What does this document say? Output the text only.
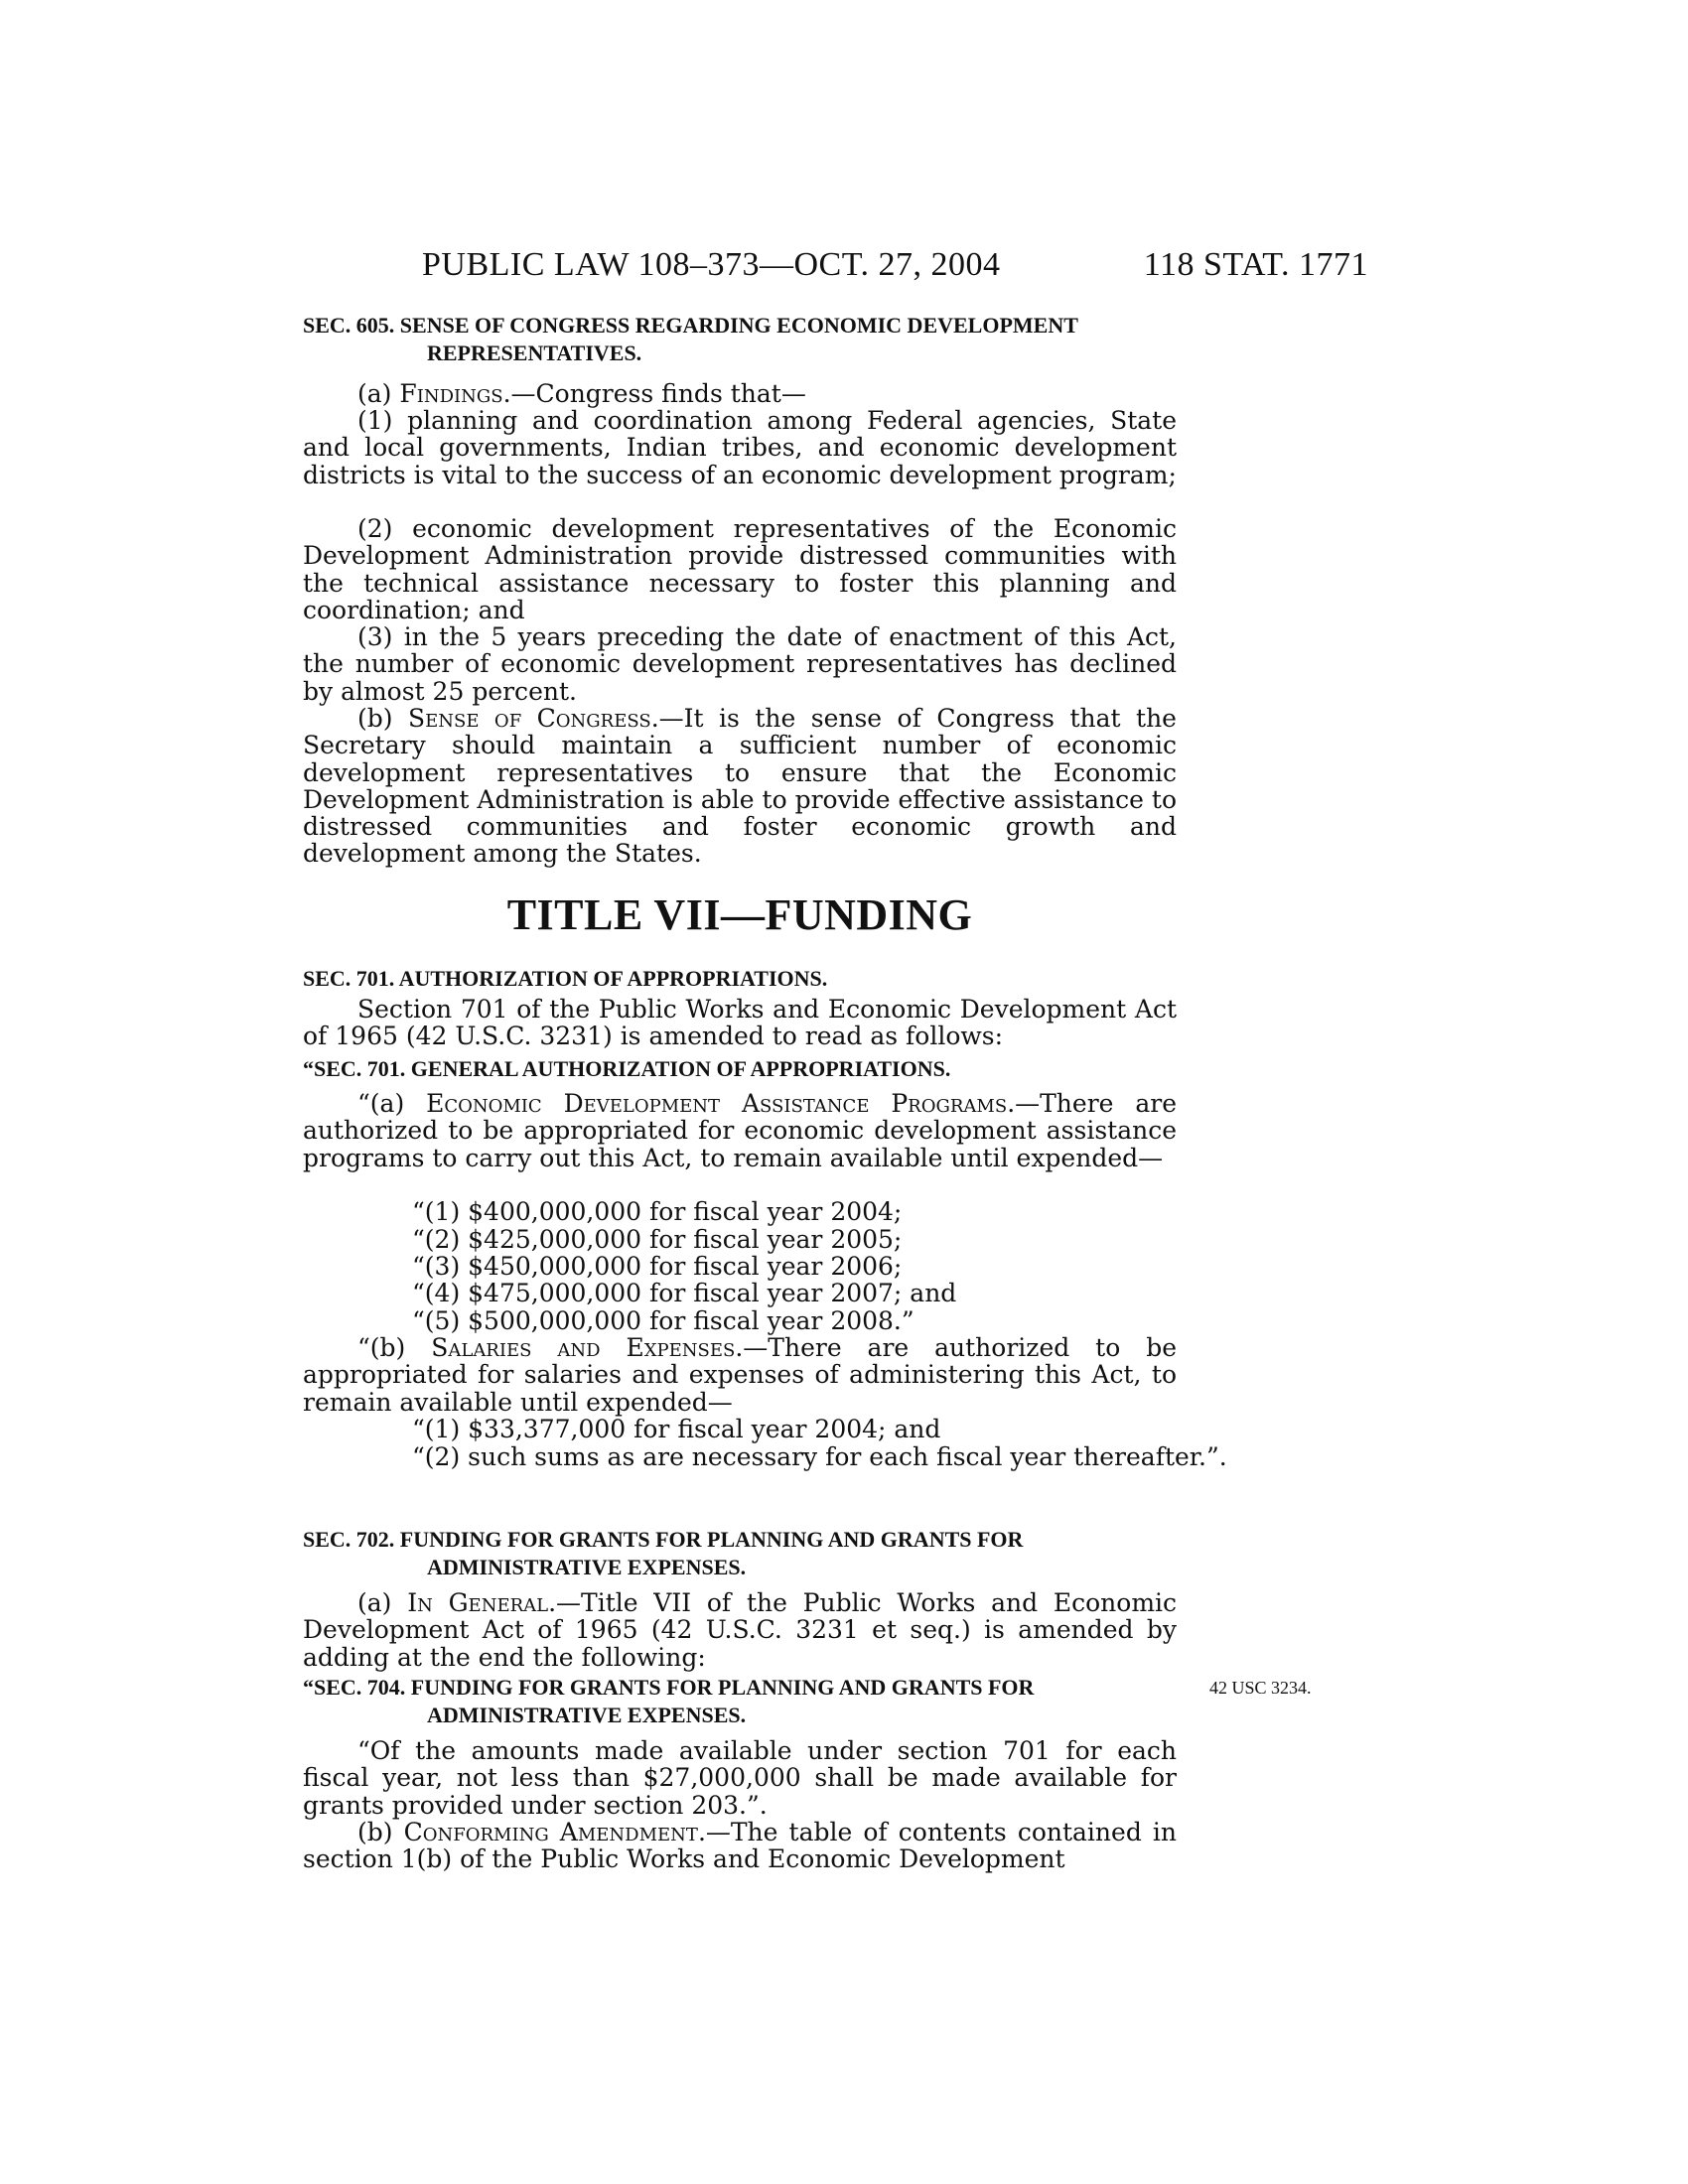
PUBLIC LAW 108–373—OCT. 27, 2004	118 STAT. 1771
SEC. 605. SENSE OF CONGRESS REGARDING ECONOMIC DEVELOPMENT
REPRESENTATIVES.

(a) Findings.—Congress finds that—

(1) planning and coordination among Federal agencies, State and local governments, Indian tribes, and economic development districts is vital to the success of an economic development program;

(2) economic development representatives of the Economic Development Administration provide distressed communities with the technical assistance necessary to foster this planning and coordination; and

(3) in the 5 years preceding the date of enactment of this Act, the number of economic development representatives has declined by almost 25 percent.

(b) Sense of Congress.—It is the sense of Congress that the Secretary should maintain a sufficient number of economic development representatives to ensure that the Economic Development Administration is able to provide effective assistance to distressed communities and foster economic growth and development among the States.

TITLE VII—FUNDING
SEC. 701. AUTHORIZATION OF APPROPRIATIONS.

Section 701 of the Public Works and Economic Development Act of 1965 (42 U.S.C. 3231) is amended to read as follows:

“SEC. 701. GENERAL AUTHORIZATION OF APPROPRIATIONS.

“(a) Economic Development Assistance Programs.—There are authorized to be appropriated for economic development assistance programs to carry out this Act, to remain available until expended—

“(1) $400,000,000 for fiscal year 2004;

“(2) $425,000,000 for fiscal year 2005;

“(3) $450,000,000 for fiscal year 2006;

“(4) $475,000,000 for fiscal year 2007; and

“(5) $500,000,000 for fiscal year 2008.”

“(b) Salaries and Expenses.—There are authorized to be appropriated for salaries and expenses of administering this Act, to remain available until expended—

“(1) $33,377,000 for fiscal year 2004; and

“(2) such sums as are necessary for each fiscal year thereafter.”.

SEC. 702. FUNDING FOR GRANTS FOR PLANNING AND GRANTS FOR
ADMINISTRATIVE EXPENSES.

(a) In General.—Title VII of the Public Works and Economic Development Act of 1965 (42 U.S.C. 3231 et seq.) is amended by adding at the end the following:

“SEC. 704. FUNDING FOR GRANTS FOR PLANNING AND GRANTS FOR
ADMINISTRATIVE EXPENSES.
42 USC 3234.

“Of the amounts made available under section 701 for each fiscal year, not less than $27,000,000 shall be made available for grants provided under section 203.”.

(b) Conforming Amendment.—The table of contents contained in section 1(b) of the Public Works and Economic Development
